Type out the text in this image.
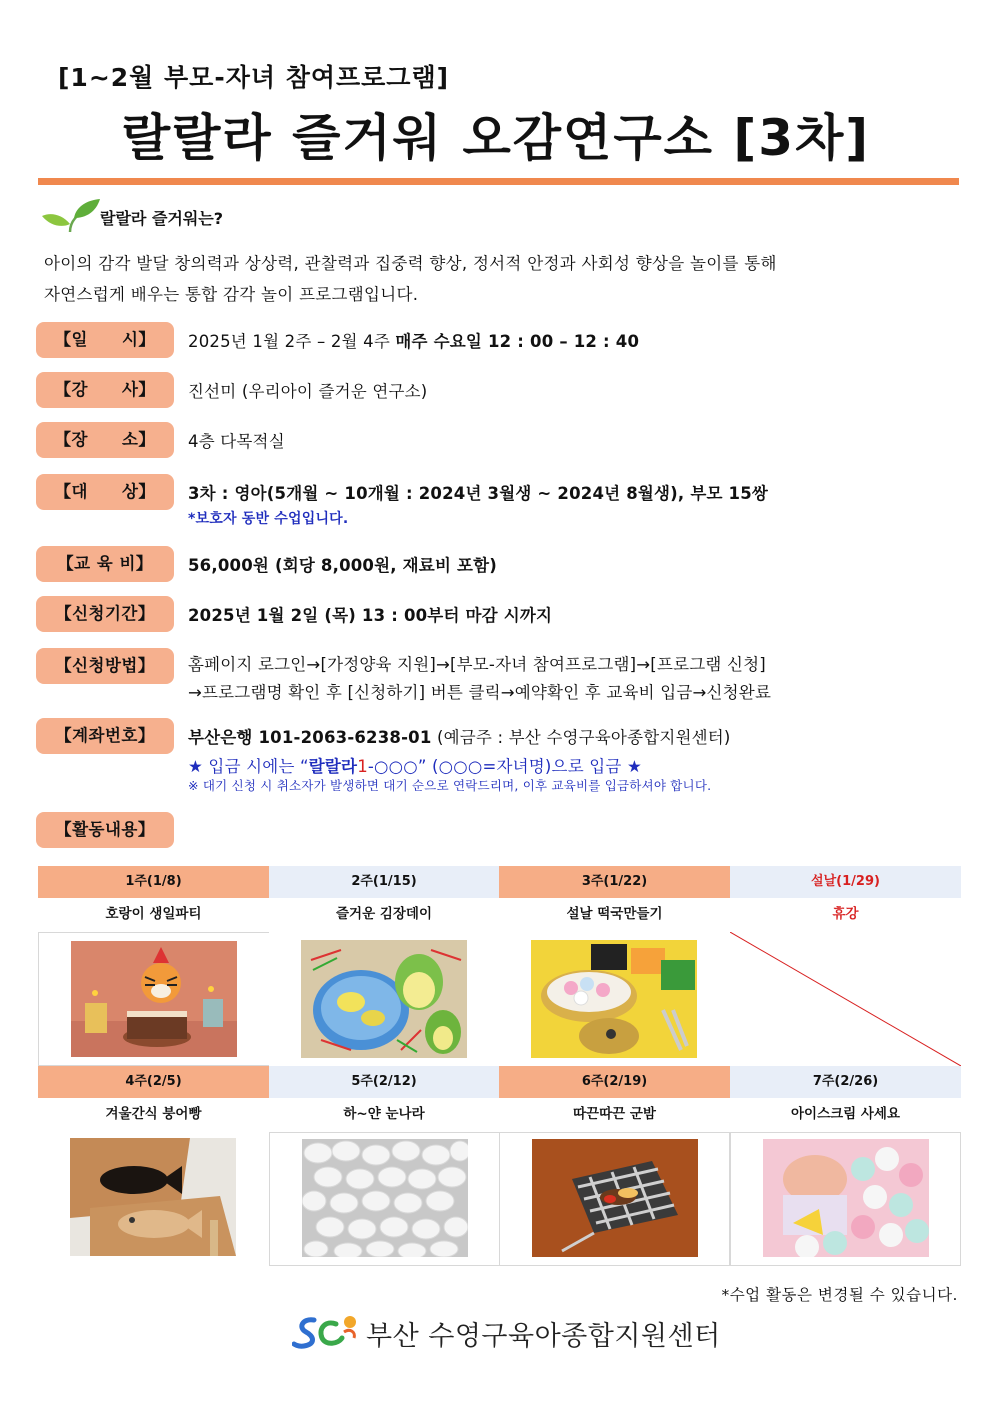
[1~2월 부모-자녀 참여프로그램]
랄랄라 즐거워 오감연구소 [3차]
랄랄라 즐거워는?
아이의 감각 발달 창의력과 상상력, 관찰력과 집중력 향상, 정서적 안정과 사회성 향상을 놀이를 통해
자연스럽게 배우는 통합 감각 놀이 프로그램입니다.
【일　　시】	2025년 1월 2주 – 2월 4주 매주 수요일 12 : 00 – 12 : 40
【강　　사】	진선미 (우리아이 즐거운 연구소)
【장　　소】	4층 다목적실
【대　　상】	3차 : 영아(5개월 ~ 10개월 : 2024년 3월생 ~ 2024년 8월생), 부모 15쌍
*보호자 동반 수업입니다.
【교 육 비】	56,000원 (회당 8,000원, 재료비 포함)
【신청기간】	2025년 1월 2일 (목) 13 : 00부터 마감 시까지
【신청방법】	홈페이지 로그인→[가정양육 지원]→[부모-자녀 참여프로그램]→[프로그램 신청]
→프로그램명 확인 후 [신청하기] 버튼 클릭→예약확인 후 교육비 입금→신청완료
【계좌번호】	부산은행 101-2063-6238-01 (예금주 : 부산 수영구육아종합지원센터)
★ 입금 시에는 “랄랄라1-○○○” (○○○=자녀명)으로 입금 ★
※ 대기 신청 시 취소자가 발생하면 대기 순으로 연락드리며, 이후 교육비를 입금하셔야 합니다.
【활동내용】
1주(1/8)	2주(1/15)	3주(1/22)	설날(1/29)
호랑이 생일파티	즐거운 김장데이	설날 떡국만들기	휴강
4주(2/5)	5주(2/12)	6주(2/19)	7주(2/26)
겨울간식 붕어빵	하~얀 눈나라	따끈따끈 군밤	아이스크림 사세요
*수업 활동은 변경될 수 있습니다.
부산 수영구육아종합지원센터
